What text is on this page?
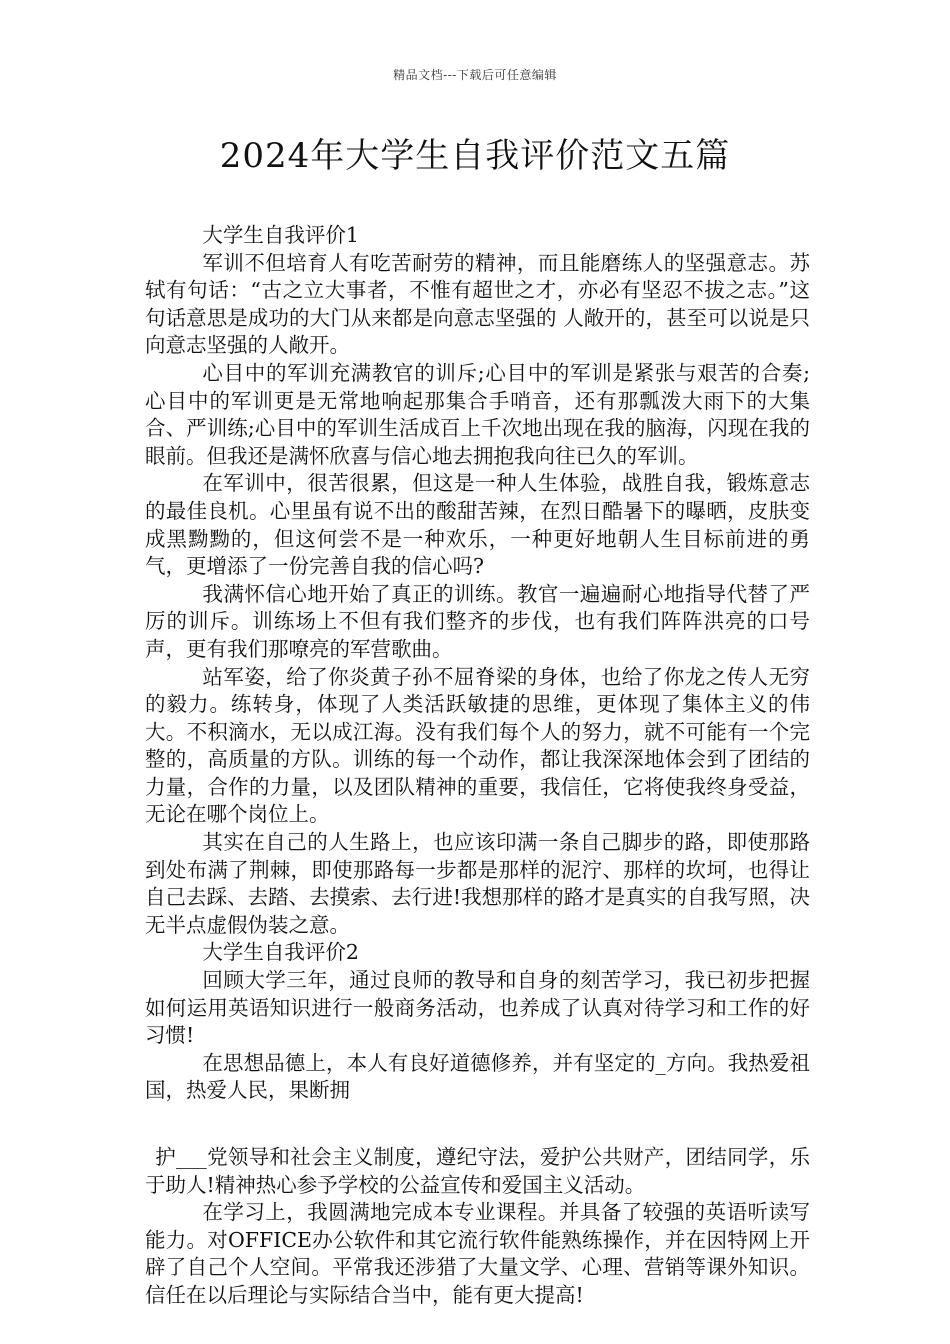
精品文档---下载后可任意编辑
2024年大学生自我评价范文五篇

大学生自我评价1

军训不但培育人有吃苦耐劳的精神，而且能磨练人的坚强意志。苏轼有句话：“古之立大事者，不惟有超世之才，亦必有坚忍不拔之志。”这句话意思是成功的大门从来都是向意志坚强的 人敞开的，甚至可以说是只向意志坚强的人敞开。

心目中的军训充满教官的训斥;心目中的军训是紧张与艰苦的合奏;心目中的军训更是无常地响起那集合手哨音，还有那瓢泼大雨下的大集合、严训练;心目中的军训生活成百上千次地出现在我的脑海，闪现在我的眼前。但我还是满怀欣喜与信心地去拥抱我向往已久的军训。

在军训中，很苦很累，但这是一种人生体验，战胜自我，锻炼意志的最佳良机。心里虽有说不出的酸甜苦辣，在烈日酷暑下的曝晒，皮肤变成黑黝黝的，但这何尝不是一种欢乐，一种更好地朝人生目标前进的勇气，更增添了一份完善自我的信心吗?

我满怀信心地开始了真正的训练。教官一遍遍耐心地指导代替了严厉的训斥。训练场上不但有我们整齐的步伐，也有我们阵阵洪亮的口号声，更有我们那嘹亮的军营歌曲。

站军姿，给了你炎黄子孙不屈脊梁的身体，也给了你龙之传人无穷的毅力。练转身，体现了人类活跃敏捷的思维，更体现了集体主义的伟大。不积滴水，无以成江海。没有我们每个人的努力，就不可能有一个完整的，高质量的方队。训练的每一个动作，都让我深深地体会到了团结的力量，合作的力量，以及团队精神的重要，我信任，它将使我终身受益，无论在哪个岗位上。

其实在自己的人生路上，也应该印满一条自己脚步的路，即使那路到处布满了荆棘，即使那路每一步都是那样的泥泞、那样的坎坷，也得让自己去踩、去踏、去摸索、去行进!我想那样的路才是真实的自我写照，决无半点虚假伪装之意。

大学生自我评价2

回顾大学三年，通过良师的教导和自身的刻苦学习，我已初步把握如何运用英语知识进行一般商务活动，也养成了认真对待学习和工作的好习惯!

在思想品德上，本人有良好道德修养，并有坚定的_方向。我热爱祖国，热爱人民，果断拥

护___党领导和社会主义制度，遵纪守法，爱护公共财产，团结同学，乐于助人!精神热心参予学校的公益宣传和爱国主义活动。

在学习上，我圆满地完成本专业课程。并具备了较强的英语听读写能力。对OFFICE办公软件和其它流行软件能熟练操作，并在因特网上开辟了自己个人空间。平常我还涉猎了大量文学、心理、营销等课外知识。信任在以后理论与实际结合当中，能有更大提高!
